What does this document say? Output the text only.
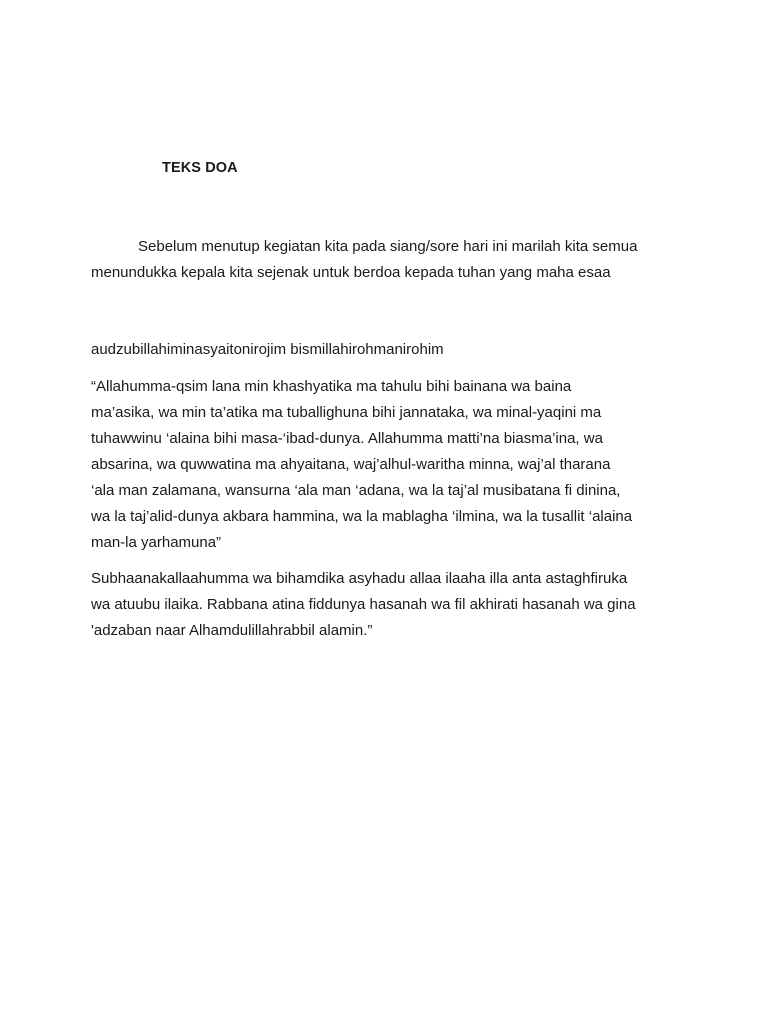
TEKS DOA

Sebelum menutup kegiatan kita pada siang/sore hari ini marilah kita semua
menundukka kepala kita sejenak untuk berdoa kepada tuhan yang maha esaa

audzubillahiminasyaitonirojim bismillahirohmanirohim

“Allahumma-qsim lana min khashyatika ma tahulu bihi bainana wa baina
ma’asika, wa min ta’atika ma tuballighuna bihi jannataka, wa minal-yaqini ma
tuhawwinu ‘alaina bihi masa-‘ibad-dunya. Allahumma matti’na biasma’ina, wa
absarina, wa quwwatina ma ahyaitana, waj’alhul-waritha minna, waj’al tharana
‘ala man zalamana, wansurna ‘ala man ‘adana, wa la taj’al musibatana fi dinina,
wa la taj’alid-dunya akbara hammina, wa la mablagha ‘ilmina, wa la tusallit ‘alaina
man-la yarhamuna”

Subhaanakallaahumma wa bihamdika asyhadu allaa ilaaha illa anta astaghfiruka
wa atuubu ilaika. Rabbana atina fiddunya hasanah wa fil akhirati hasanah wa gina
'adzaban naar Alhamdulillahrabbil alamin.”
